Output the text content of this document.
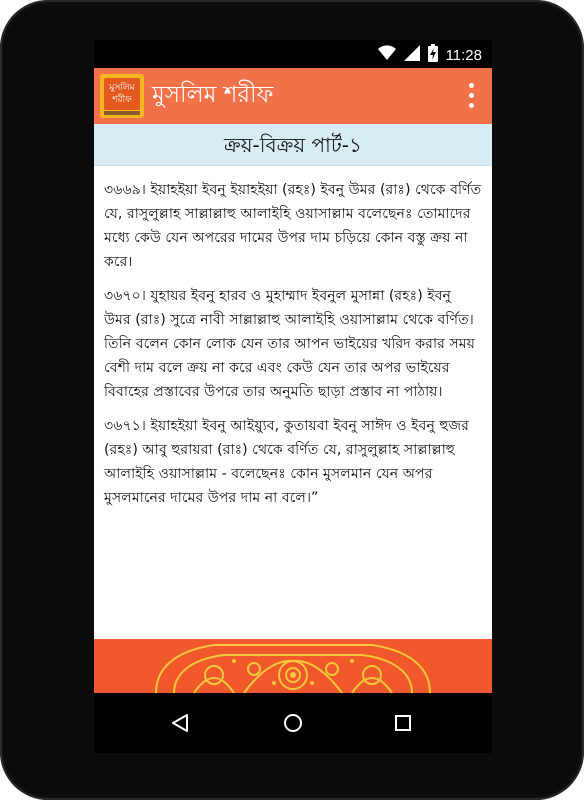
11:28
মুসলিম
শরীফ মুসলিম শরীফ
ক্রয়-বিক্রয় পার্ট-১

৩৬৬৯। ইয়াহইয়া ইবনু ইয়াহইয়া (রহঃ) ইবনু উমর (রাঃ) থেকে বর্ণিত যে, রাসুলুল্লাহ সাল্লাল্লাহু আলাইহি ওয়াসাল্লাম বলেছেনঃ তোমাদের মধ্যে কেউ যেন অপরের দামের উপর দাম চড়িয়ে কোন বস্তু ক্রয় না করে।

৩৬৭০। যুহায়র ইবনু হারব ও মুহাম্মাদ ইবনুল মুসান্না (রহঃ) ইবনু উমর (রাঃ) সুত্রে নাবী সাল্লাল্লাহু আলাইহি ওয়াসাল্লাম থেকে বর্ণিত। তিনি বলেন কোন লোক যেন তার আপন ভাইয়ের খরিদ করার সময় বেশী দাম বলে ক্রয় না করে এবং কেউ যেন তার অপর ভাইয়ের বিবাহের প্রস্তাবের উপরে তার অনুমতি ছাড়া প্রস্তাব না পাঠায়।

৩৬৭১। ইয়াহইয়া ইবনু আইয়্যুব, কুতায়বা ইবনু সাঈদ ও ইবনু হুজর (রহঃ) আবু হুরায়রা (রাঃ) থেকে বর্ণিত যে, রাসুলুল্লাহ সাল্লাল্লাহু আলাইহি ওয়াসাল্লাম - বলেছেনঃ কোন মুসলমান যেন অপর মুসলমানের দামের উপর দাম না বলে।”
